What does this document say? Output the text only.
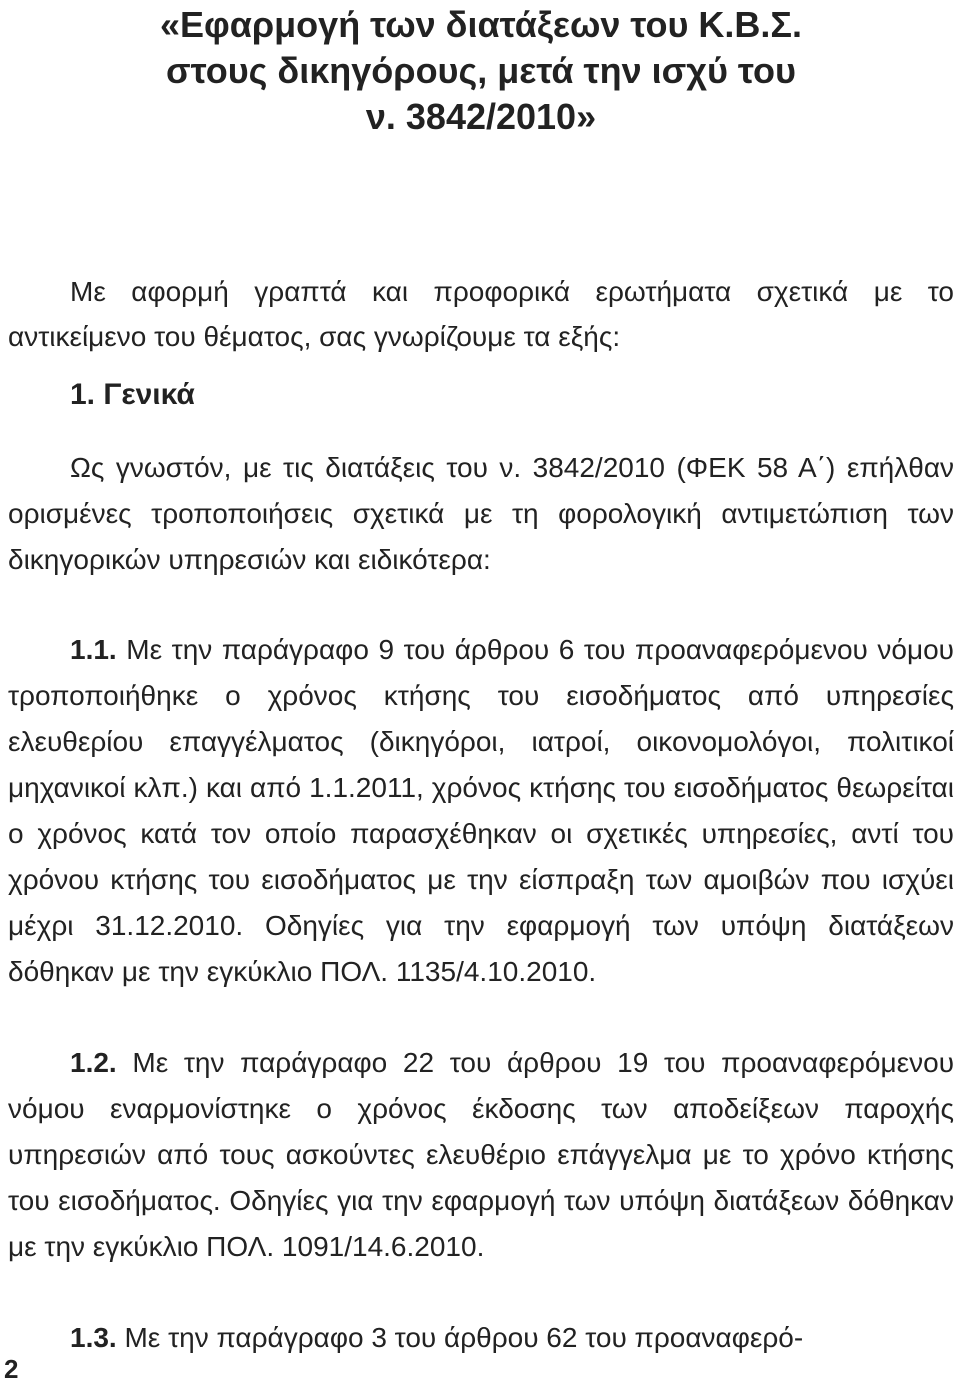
«Εφαρμογή των διατάξεων του Κ.Β.Σ.
στους δικηγόρους, μετά την ισχύ του
ν. 3842/2010»

Με αφορμή γραπτά και προφορικά ερωτήματα σχετικά με το αντικείμενο του θέματος, σας γνωρίζουμε τα εξής:

1. Γενικά

Ως γνωστόν, με τις διατάξεις του ν. 3842/2010 (ΦΕΚ 58 Α΄) επήλθαν ορισμένες τροποποιήσεις σχετικά με τη φορολογική αντιμετώπιση των δικηγορικών υπηρεσιών και ειδικότερα:

1.1. Με την παράγραφο 9 του άρθρου 6 του προαναφερόμενου νόμου τροποποιήθηκε ο χρόνος κτήσης του εισοδήματος από υπηρεσίες ελευθερίου επαγγέλματος (δικηγόροι, ιατροί, οικονομολόγοι, πολιτικοί μηχανικοί κλπ.) και από 1.1.2011, χρόνος κτήσης του εισοδήματος θεωρείται ο χρόνος κατά τον οποίο παρασχέθηκαν οι σχετικές υπηρεσίες, αντί του χρόνου κτήσης του εισοδήματος με την είσπραξη των αμοιβών που ισχύει μέχρι 31.12.2010. Οδηγίες για την εφαρμογή των υπόψη διατάξεων δόθηκαν με την εγκύκλιο ΠΟΛ. 1135/4.10.2010.

1.2. Με την παράγραφο 22 του άρθρου 19 του προαναφερόμενου νόμου εναρμονίστηκε ο χρόνος έκδοσης των αποδείξεων παροχής υπηρεσιών από τους ασκούντες ελευθέριο επάγγελμα με το χρόνο κτήσης του εισοδήματος. Οδηγίες για την εφαρμογή των υπόψη διατάξεων δόθηκαν με την εγκύκλιο ΠΟΛ. 1091/14.6.2010.

1.3. Με την παράγραφο 3 του άρθρου 62 του προαναφερό-

2
